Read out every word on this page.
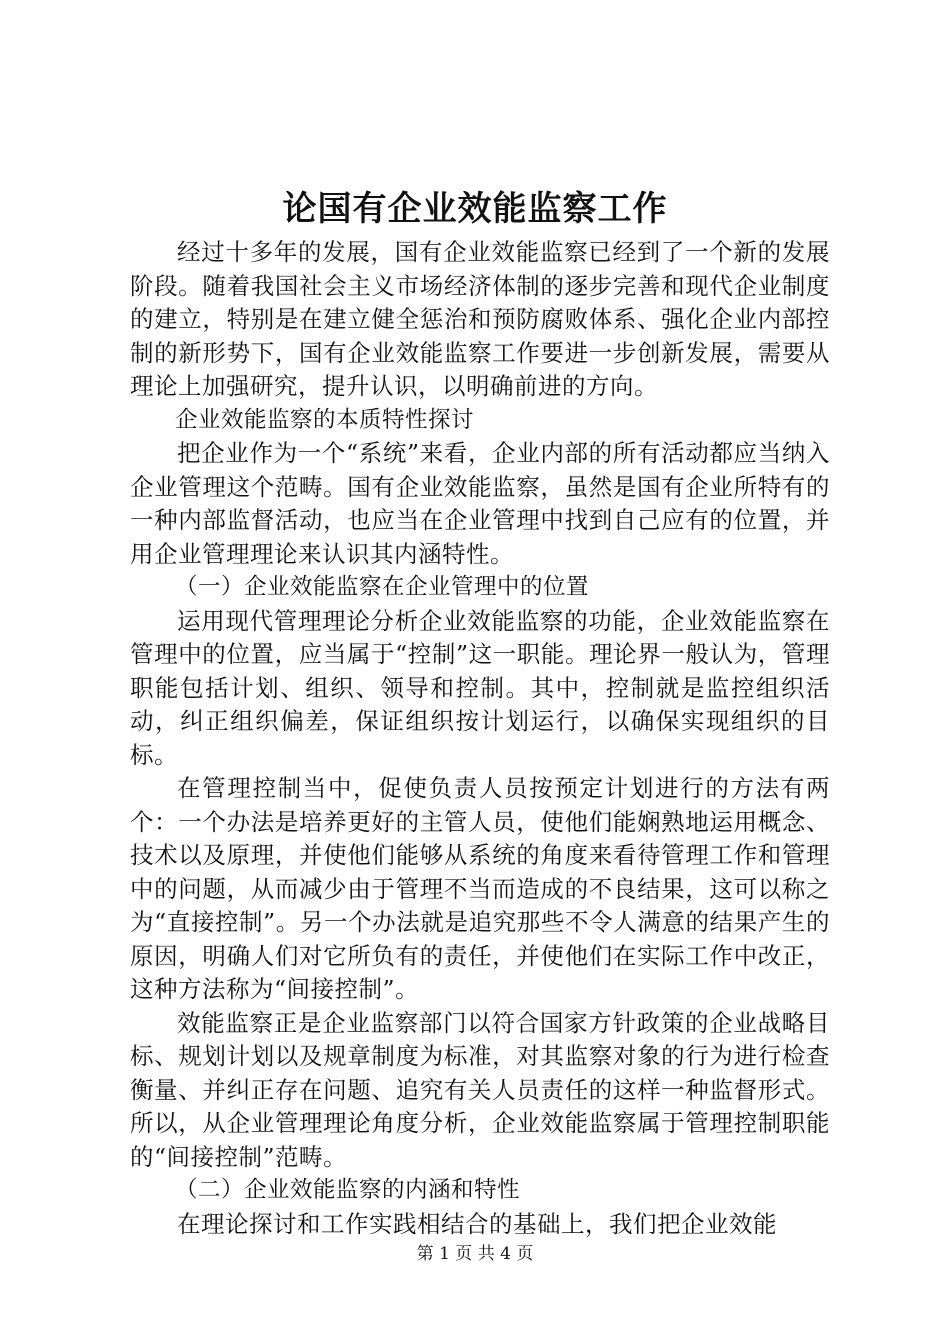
论国有企业效能监察工作

经过十多年的发展，国有企业效能监察已经到了一个新的发展阶段。随着我国社会主义市场经济体制的逐步完善和现代企业制度的建立，特别是在建立健全惩治和预防腐败体系、强化企业内部控制的新形势下，国有企业效能监察工作要进一步创新发展，需要从理论上加强研究，提升认识，以明确前进的方向。

企业效能监察的本质特性探讨

把企业作为一个“系统”来看，企业内部的所有活动都应当纳入企业管理这个范畴。国有企业效能监察，虽然是国有企业所特有的一种内部监督活动，也应当在企业管理中找到自己应有的位置，并用企业管理理论来认识其内涵特性。

（一）企业效能监察在企业管理中的位置

运用现代管理理论分析企业效能监察的功能，企业效能监察在管理中的位置，应当属于“控制”这一职能。理论界一般认为，管理职能包括计划、组织、领导和控制。其中，控制就是监控组织活动，纠正组织偏差，保证组织按计划运行，以确保实现组织的目标。

在管理控制当中，促使负责人员按预定计划进行的方法有两个：一个办法是培养更好的主管人员，使他们能娴熟地运用概念、技术以及原理，并使他们能够从系统的角度来看待管理工作和管理中的问题，从而减少由于管理不当而造成的不良结果，这可以称之为“直接控制”。另一个办法就是追究那些不令人满意的结果产生的原因，明确人们对它所负有的责任，并使他们在实际工作中改正，这种方法称为“间接控制”。

效能监察正是企业监察部门以符合国家方针政策的企业战略目标、规划计划以及规章制度为标准，对其监察对象的行为进行检查衡量、并纠正存在问题、追究有关人员责任的这样一种监督形式。所以，从企业管理理论角度分析，企业效能监察属于管理控制职能的“间接控制”范畴。

（二）企业效能监察的内涵和特性

在理论探讨和工作实践相结合的基础上，我们把企业效能

第 1 页 共 4 页
